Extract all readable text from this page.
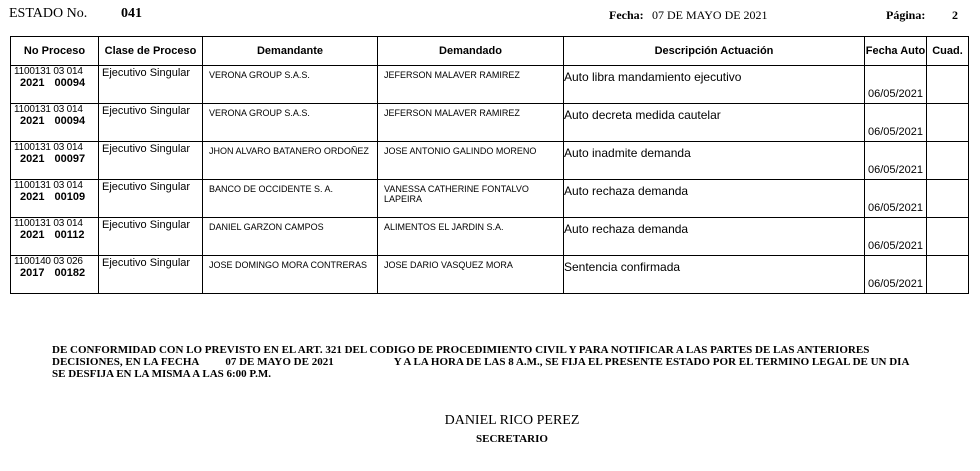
ESTADO No. 041	Fecha: 07 DE MAYO DE 2021	Página: 2
No Proceso	Clase de Proceso	Demandante	Demandado	Descripción Actuación	Fecha Auto	Cuad.

1100131 03 014
2021 00094	Ejecutivo Singular	VERONA GROUP S.A.S.	JEFERSON MALAVER RAMIREZ	Auto libra mandamiento ejecutivo	06/05/2021	

1100131 03 014
2021 00094	Ejecutivo Singular	VERONA GROUP S.A.S.	JEFERSON MALAVER RAMIREZ	Auto decreta medida cautelar	06/05/2021	

1100131 03 014
2021 00097	Ejecutivo Singular	JHON ALVARO BATANERO ORDOÑEZ	JOSE ANTONIO GALINDO MORENO	Auto inadmite demanda	06/05/2021	

1100131 03 014
2021 00109	Ejecutivo Singular	BANCO DE OCCIDENTE S. A.	VANESSA CATHERINE FONTALVO LAPEIRA	Auto rechaza demanda	06/05/2021	

1100131 03 014
2021 00112	Ejecutivo Singular	DANIEL GARZON CAMPOS	ALIMENTOS EL JARDIN S.A.	Auto rechaza demanda	06/05/2021	

1100140 03 026
2017 00182	Ejecutivo Singular	JOSE DOMINGO MORA CONTRERAS	JOSE DARIO VASQUEZ MORA	Sentencia confirmada	06/05/2021	

DE CONFORMIDAD CON LO PREVISTO EN EL ART. 321 DEL CODIGO DE PROCEDIMIENTO CIVIL Y PARA NOTIFICAR A LAS PARTES DE LAS ANTERIORES DECISIONES, EN LA FECHA 07 DE MAYO DE 2021	Y A LA HORA DE LAS 8 A.M., SE FIJA EL PRESENTE ESTADO POR EL TERMINO LEGAL DE UN DIA SE DESFIJA EN LA MISMA A LAS 6:00 P.M.

DANIEL RICO PEREZ
SECRETARIO
